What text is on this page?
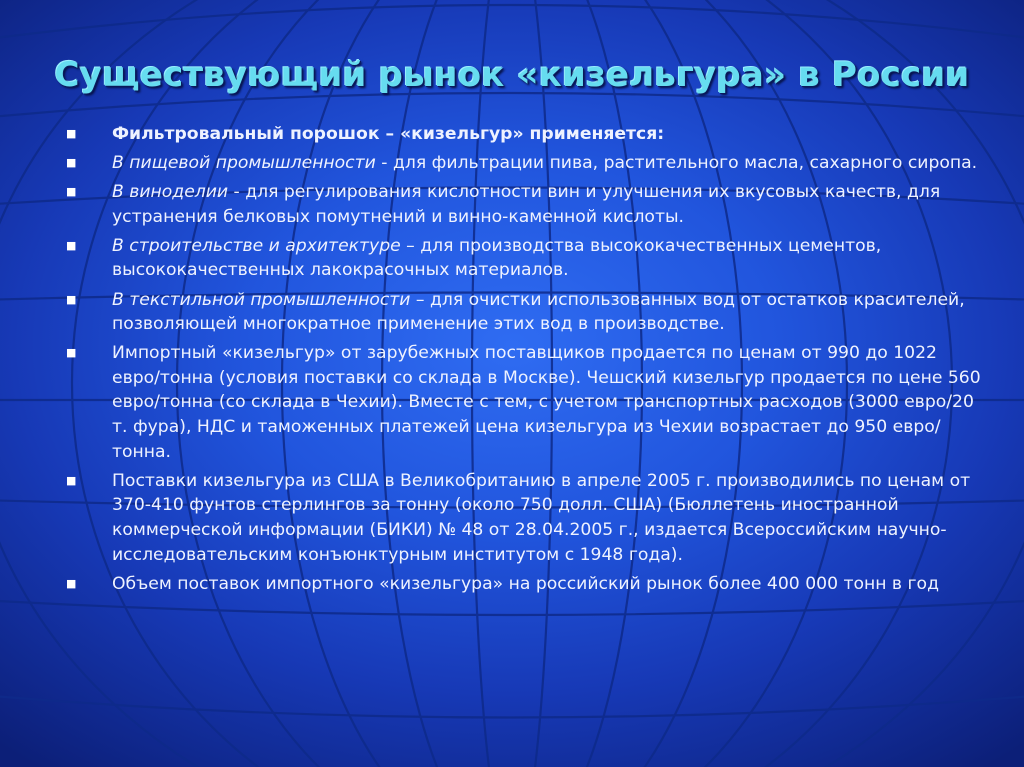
Существующий рынок «кизельгура» в России
■ Фильтровальный порошок – «кизельгур» применяется:
■ В пищевой промышленности - для фильтрации пива, растительного масла, сахарного сиропа.
■ В виноделии - для регулирования кислотности вин и улучшения их вкусовых качеств, для устранения белковых помутнений и винно-каменной кислоты.
■ В строительстве и архитектуре – для производства высококачественных цементов, высококачественных лакокрасочных материалов.
■ В текстильной промышленности – для очистки использованных вод от остатков красителей, позволяющей многократное применение этих вод в производстве.
■ Импортный «кизельгур» от зарубежных поставщиков продается по ценам от 990 до 1022 евро/тонна (условия поставки со склада в Москве). Чешский кизельгур продается по цене 560 евро/тонна (со склада в Чехии). Вместе с тем, с учетом транспортных расходов (3000 евро/20 т. фура), НДС и таможенных платежей цена кизельгура из Чехии возрастает до 950 евро/тонна.
■ Поставки кизельгура из США в Великобританию в апреле 2005 г. производились по ценам от 370-410 фунтов стерлингов за тонну (около 750 долл. США) (Бюллетень иностранной коммерческой информации (БИКИ) № 48 от 28.04.2005 г., издается Всероссийским научно-исследовательским конъюнктурным институтом с 1948 года).
■ Объем поставок импортного «кизельгура» на российский рынок более 400 000 тонн в год
